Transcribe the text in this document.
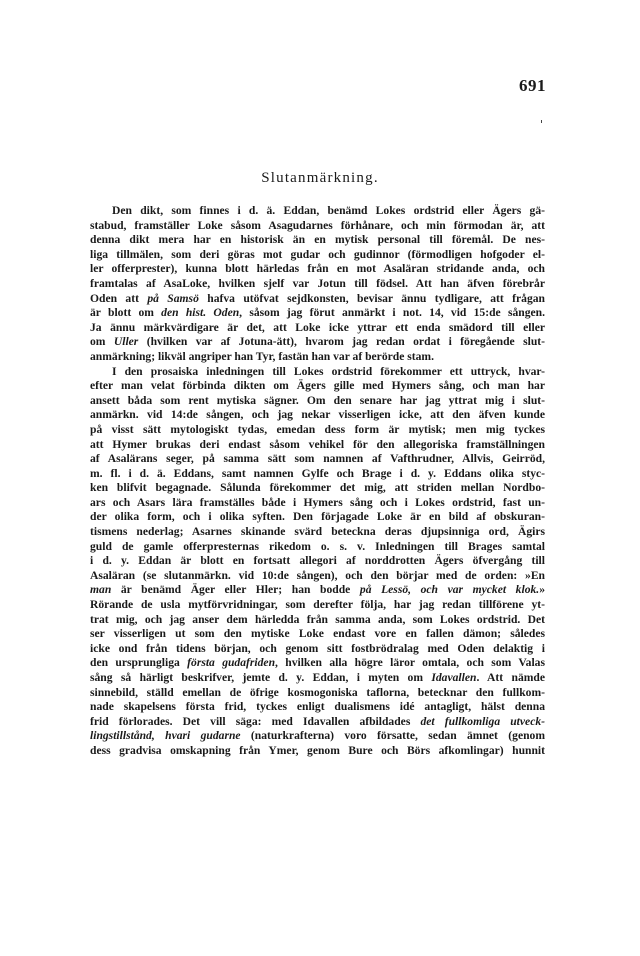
691
Slutanmärkning.
Den dikt, som finnes i d. ä. Eddan, benämd Lokes ordstrid eller Ägers gä-
stabud, framställer Loke såsom Asagudarnes förhånare, och min förmodan är, att
denna dikt mera har en historisk än en mytisk personal till föremål. De nes-
liga tillmälen, som deri göras mot gudar och gudinnor (förmodligen hofgoder el-
ler offerprester), kunna blott härledas från en mot Asaläran stridande anda, och
framtalas af AsaLoke, hvilken sjelf var Jotun till födsel. Att han äfven förebrår
Oden att på Samsö hafva utöfvat sejdkonsten, bevisar ännu tydligare, att frågan
är blott om den hist. Oden, såsom jag förut anmärkt i not. 14, vid 15:de sången.
Ja ännu märkvärdigare är det, att Loke icke yttrar ett enda smädord till eller
om Uller (hvilken var af Jotuna-ätt), hvarom jag redan ordat i föregående slut-
anmärkning; likväl angriper han Tyr, fastän han var af berörde stam.
I den prosaiska inledningen till Lokes ordstrid förekommer ett uttryck, hvar-
efter man velat förbinda dikten om Ägers gille med Hymers sång, och man har
ansett båda som rent mytiska sägner. Om den senare har jag yttrat mig i slut-
anmärkn. vid 14:de sången, och jag nekar visserligen icke, att den äfven kunde
på visst sätt mytologiskt tydas, emedan dess form är mytisk; men mig tyckes
att Hymer brukas deri endast såsom vehikel för den allegoriska framställningen
af Asalärans seger, på samma sätt som namnen af Vafthrudner, Allvis, Geirröd,
m. fl. i d. ä. Eddans, samt namnen Gylfe och Brage i d. y. Eddans olika styc-
ken blifvit begagnade. Sålunda förekommer det mig, att striden mellan Nordbo-
ars och Asars lära framställes både i Hymers sång och i Lokes ordstrid, fast un-
der olika form, och i olika syften. Den förjagade Loke är en bild af obskuran-
tismens nederlag; Asarnes skinande svärd beteckna deras djupsinniga ord, Ägirs
guld de gamle offerpresternas rikedom o. s. v. Inledningen till Brages samtal
i d. y. Eddan är blott en fortsatt allegori af norddrotten Ägers öfvergång till
Asaläran (se slutanmärkn. vid 10:de sången), och den börjar med de orden: »En
man är benämd Äger eller Hler; han bodde på Lessö, och var mycket klok.»
Rörande de usla mytförvridningar, som derefter följa, har jag redan tillförene yt-
trat mig, och jag anser dem härledda från samma anda, som Lokes ordstrid. Det
ser visserligen ut som den mytiske Loke endast vore en fallen dämon; således
icke ond från tidens början, och genom sitt fostbrödralag med Oden delaktig i
den ursprungliga första gudafriden, hvilken alla högre läror omtala, och som Valas
sång så härligt beskrifver, jemte d. y. Eddan, i myten om Idavallen. Att nämde
sinnebild, ställd emellan de öfrige kosmogoniska taflorna, betecknar den fullkom-
nade skapelsens första frid, tyckes enligt dualismens idé antagligt, hälst denna
frid förlorades. Det vill säga: med Idavallen afbildades det fullkomliga utveck-
lingstillstånd, hvari gudarne (naturkrafterna) voro försatte, sedan ämnet (genom
dess gradvisa omskapning från Ymer, genom Bure och Börs afkomlingar) hunnit
